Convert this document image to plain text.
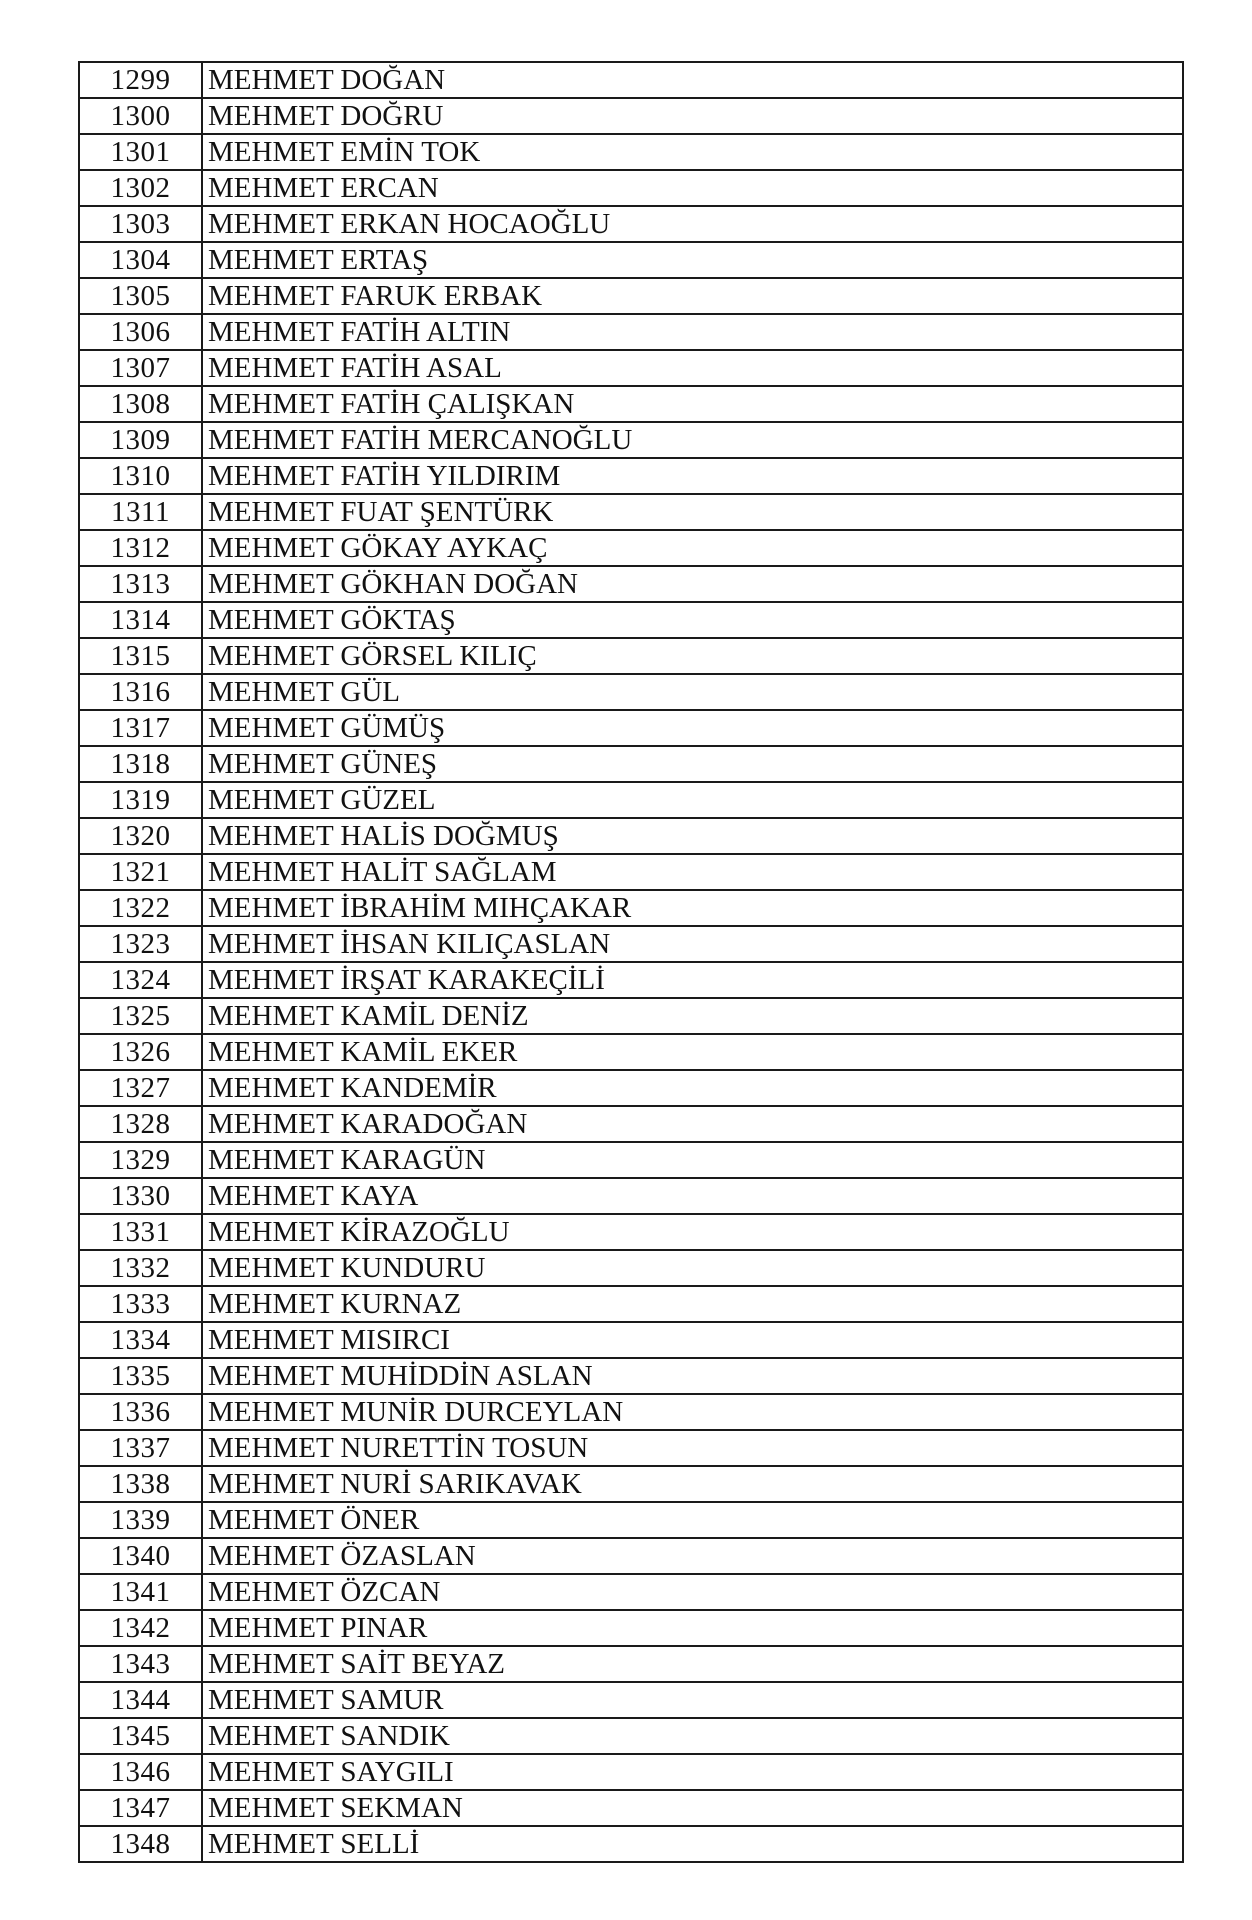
1299	MEHMET DOĞAN
1300	MEHMET DOĞRU
1301	MEHMET EMİN TOK
1302	MEHMET ERCAN
1303	MEHMET ERKAN HOCAOĞLU
1304	MEHMET ERTAŞ
1305	MEHMET FARUK ERBAK
1306	MEHMET FATİH ALTIN
1307	MEHMET FATİH ASAL
1308	MEHMET FATİH ÇALIŞKAN
1309	MEHMET FATİH MERCANOĞLU
1310	MEHMET FATİH YILDIRIM
1311	MEHMET FUAT ŞENTÜRK
1312	MEHMET GÖKAY AYKAÇ
1313	MEHMET GÖKHAN DOĞAN
1314	MEHMET GÖKTAŞ
1315	MEHMET GÖRSEL KILIÇ
1316	MEHMET GÜL
1317	MEHMET GÜMÜŞ
1318	MEHMET GÜNEŞ
1319	MEHMET GÜZEL
1320	MEHMET HALİS DOĞMUŞ
1321	MEHMET HALİT SAĞLAM
1322	MEHMET İBRAHİM MIHÇAKAR
1323	MEHMET İHSAN KILIÇASLAN
1324	MEHMET İRŞAT KARAKEÇİLİ
1325	MEHMET KAMİL DENİZ
1326	MEHMET KAMİL EKER
1327	MEHMET KANDEMİR
1328	MEHMET KARADOĞAN
1329	MEHMET KARAGÜN
1330	MEHMET KAYA
1331	MEHMET KİRAZOĞLU
1332	MEHMET KUNDURU
1333	MEHMET KURNAZ
1334	MEHMET MISIRCI
1335	MEHMET MUHİDDİN ASLAN
1336	MEHMET MUNİR DURCEYLAN
1337	MEHMET NURETTİN TOSUN
1338	MEHMET NURİ SARIKAVAK
1339	MEHMET ÖNER
1340	MEHMET ÖZASLAN
1341	MEHMET ÖZCAN
1342	MEHMET PINAR
1343	MEHMET SAİT BEYAZ
1344	MEHMET SAMUR
1345	MEHMET SANDIK
1346	MEHMET SAYGILI
1347	MEHMET SEKMAN
1348	MEHMET SELLİ
